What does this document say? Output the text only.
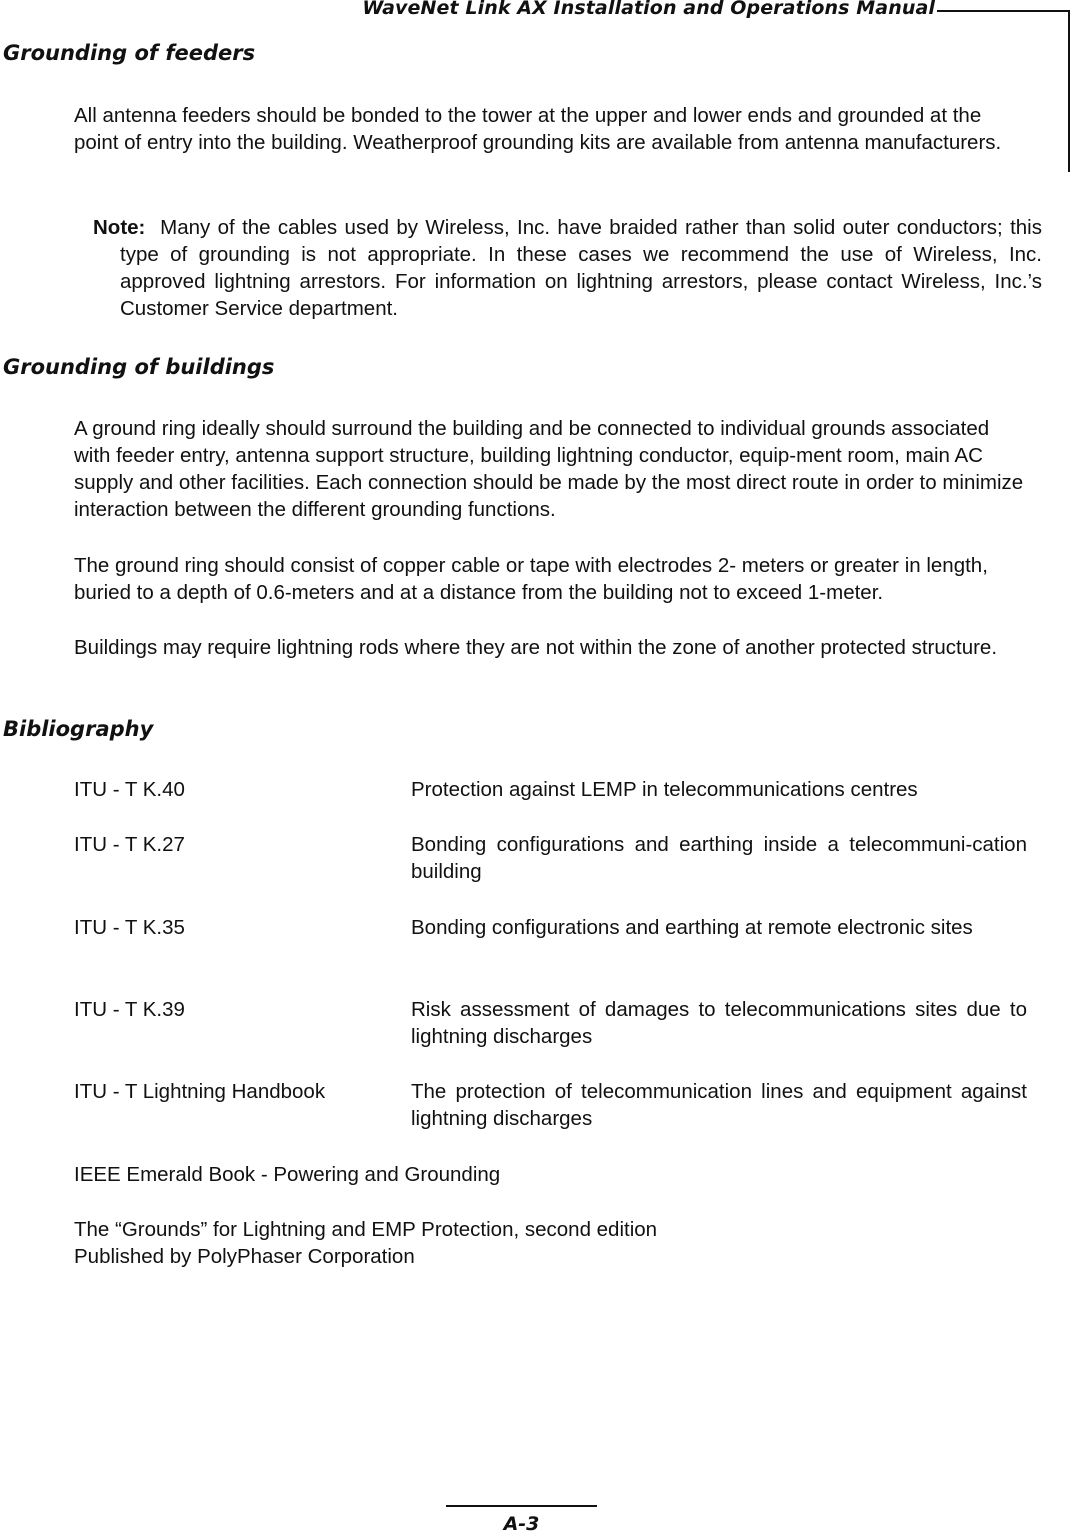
WaveNet Link AX Installation and Operations Manual
Grounding of feeders

All antenna feeders should be bonded to the tower at the upper and lower ends and grounded at the point of entry into the building. Weatherproof grounding kits are available from antenna manufacturers.

Note: Many of the cables used by Wireless, Inc. have braided rather than solid outer conductors; this type of grounding is not appropriate. In these cases we recommend the use of Wireless, Inc. approved lightning arrestors. For information on lightning arrestors, please contact Wireless, Inc.’s Customer Service department.

Grounding of buildings

A ground ring ideally should surround the building and be connected to individual grounds associated with feeder entry, antenna support structure, building lightning conductor, equip-ment room, main AC supply and other facilities. Each connection should be made by the most direct route in order to minimize interaction between the different grounding functions.

The ground ring should consist of copper cable or tape with electrodes 2- meters or greater in length, buried to a depth of 0.6-meters and at a distance from the building not to exceed 1-meter.

Buildings may require lightning rods where they are not within the zone of another protected structure.

Bibliography
ITU - T K.40	Protection against LEMP in telecommunications centres
ITU - T K.27	Bonding configurations and earthing inside a telecommuni-cation building
ITU - T K.35	Bonding configurations and earthing at remote electronic sites
ITU - T K.39	Risk assessment of damages to telecommunications sites due to lightning discharges
ITU - T Lightning Handbook	The protection of telecommunication lines and equipment against lightning discharges
IEEE Emerald Book - Powering and Grounding
The “Grounds” for Lightning and EMP Protection, second edition
Published by PolyPhaser Corporation
A-3
